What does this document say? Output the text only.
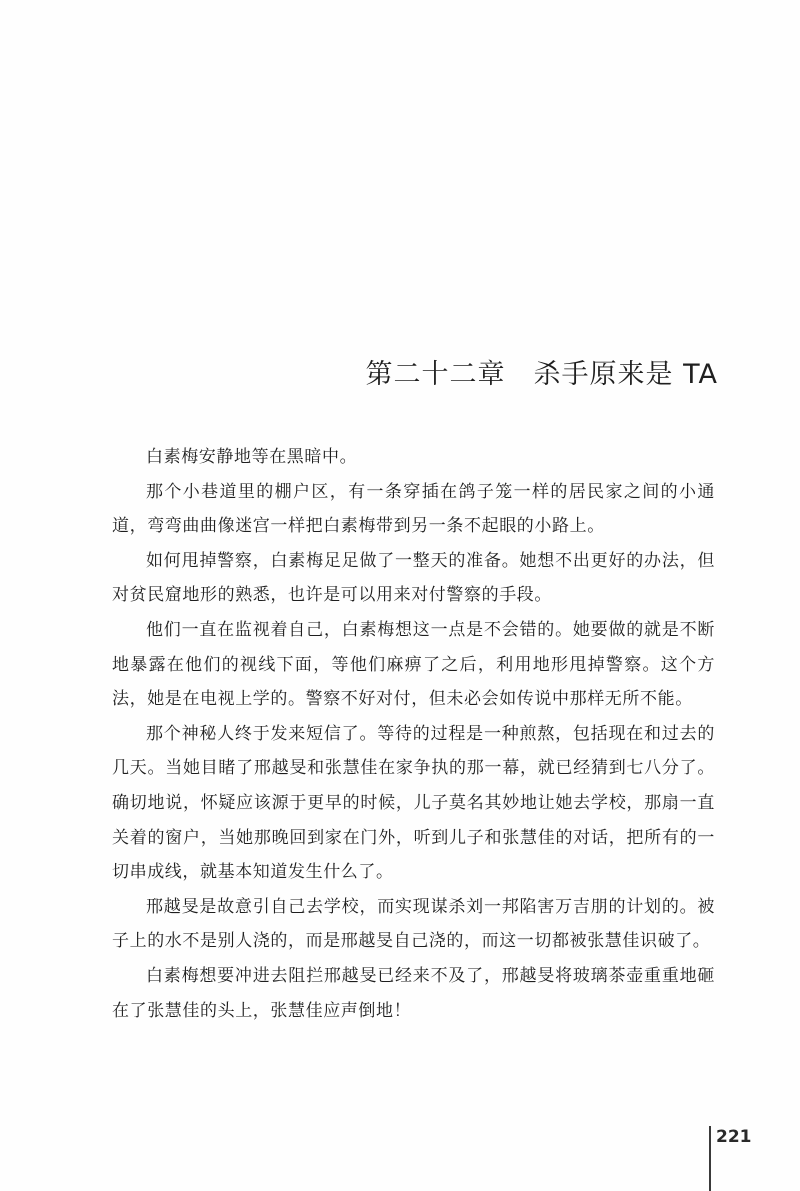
第二十二章　杀手原来是 TA

白素梅安静地等在黑暗中。

那个小巷道里的棚户区，有一条穿插在鸽子笼一样的居民家之间的小通道，弯弯曲曲像迷宫一样把白素梅带到另一条不起眼的小路上。

如何甩掉警察，白素梅足足做了一整天的准备。她想不出更好的办法，但对贫民窟地形的熟悉，也许是可以用来对付警察的手段。

他们一直在监视着自己，白素梅想这一点是不会错的。她要做的就是不断地暴露在他们的视线下面，等他们麻痹了之后，利用地形甩掉警察。这个方法，她是在电视上学的。警察不好对付，但未必会如传说中那样无所不能。

那个神秘人终于发来短信了。等待的过程是一种煎熬，包括现在和过去的几天。当她目睹了邢越旻和张慧佳在家争执的那一幕，就已经猜到七八分了。确切地说，怀疑应该源于更早的时候，儿子莫名其妙地让她去学校，那扇一直关着的窗户，当她那晚回到家在门外，听到儿子和张慧佳的对话，把所有的一切串成线，就基本知道发生什么了。

邢越旻是故意引自己去学校，而实现谋杀刘一邦陷害万吉朋的计划的。被子上的水不是别人浇的，而是邢越旻自己浇的，而这一切都被张慧佳识破了。

白素梅想要冲进去阻拦邢越旻已经来不及了，邢越旻将玻璃茶壶重重地砸在了张慧佳的头上，张慧佳应声倒地！

221
